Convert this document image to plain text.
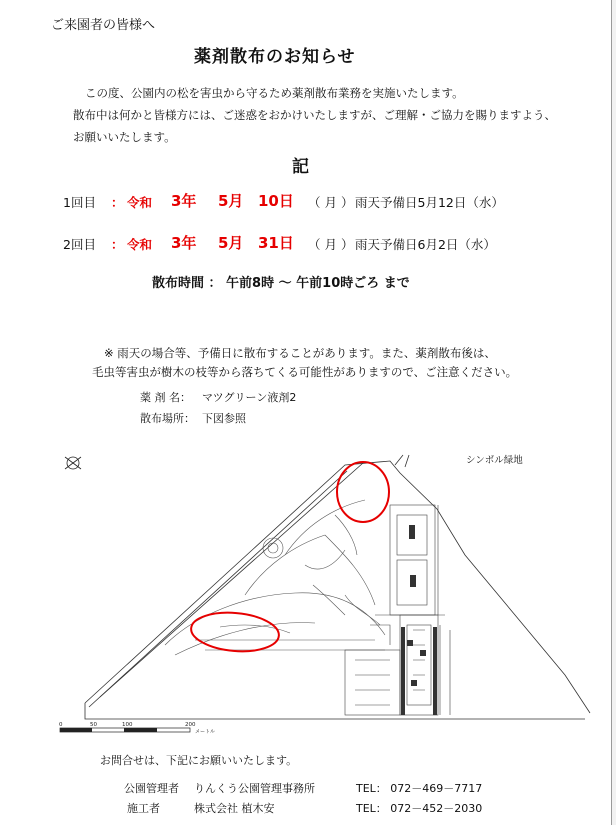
ご来園者の皆様へ
薬剤散布のお知らせ
この度、公園内の松を害虫から守るため薬剤散布業務を実施いたします。
散布中は何かと皆様方には、ご迷惑をおかけいたしますが、ご理解・ご協力を賜りますよう、
お願いいたします。
記
1回目 ： 令和 3年 5月 10日 （ 月 ） 雨天予備日5月12日（水）
2回目 ： 令和 3年 5月 31日 （ 月 ） 雨天予備日6月2日（水）
散布時間 ： 午前8時 ～ 午前10時ごろ まで
※ 雨天の場合等、予備日に散布することがあります。また、薬剤散布後は、
毛虫等害虫が樹木の枝等から落ちてくる可能性がありますので、ご注意ください。
薬 剤 名： マツグリーン液剤2
散布場所： 下図参照
シンボル緑地
0	50	100	200
メートル
お問合せは、下記にお願いいたします。
公園管理者 りんくう公園管理事務所	TEL： 072－469－7717
施工者	株式会社 植木安	TEL： 072－452－2030
